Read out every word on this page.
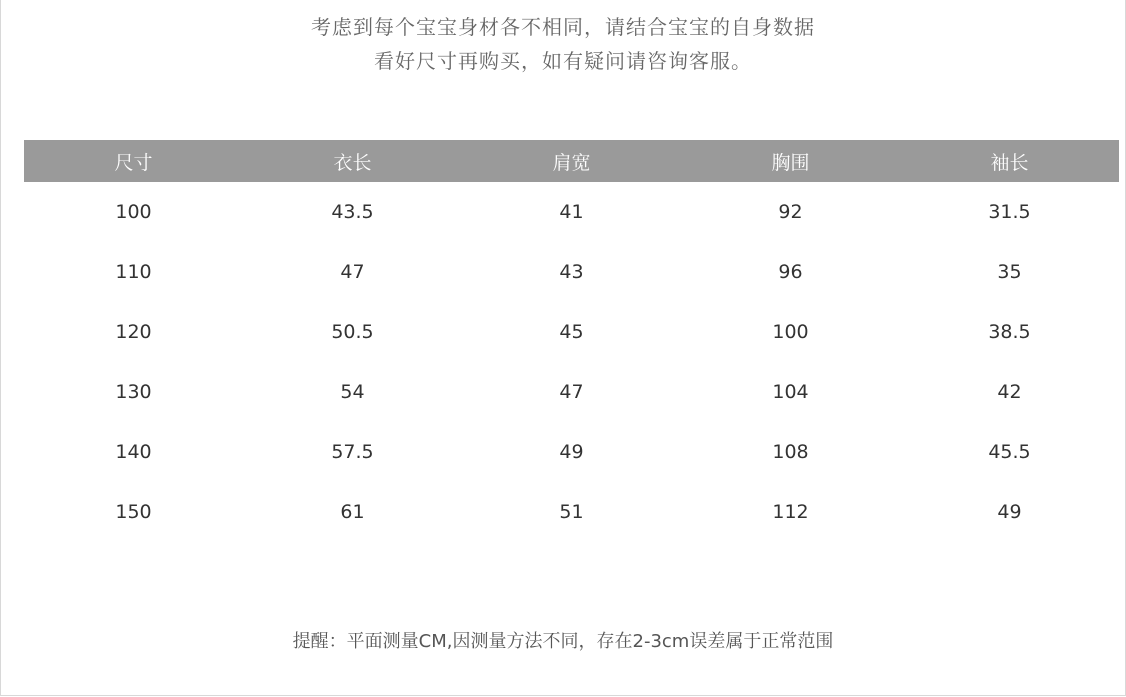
考虑到每个宝宝身材各不相同，请结合宝宝的自身数据
看好尺寸再购买，如有疑问请咨询客服。
尺寸	衣长	肩宽	胸围	袖长
100	43.5	41	92	31.5
110	47	43	96	35
120	50.5	45	100	38.5
130	54	47	104	42
140	57.5	49	108	45.5
150	61	51	112	49
提醒：平面测量CM,因测量方法不同，存在2-3cm误差属于正常范围
